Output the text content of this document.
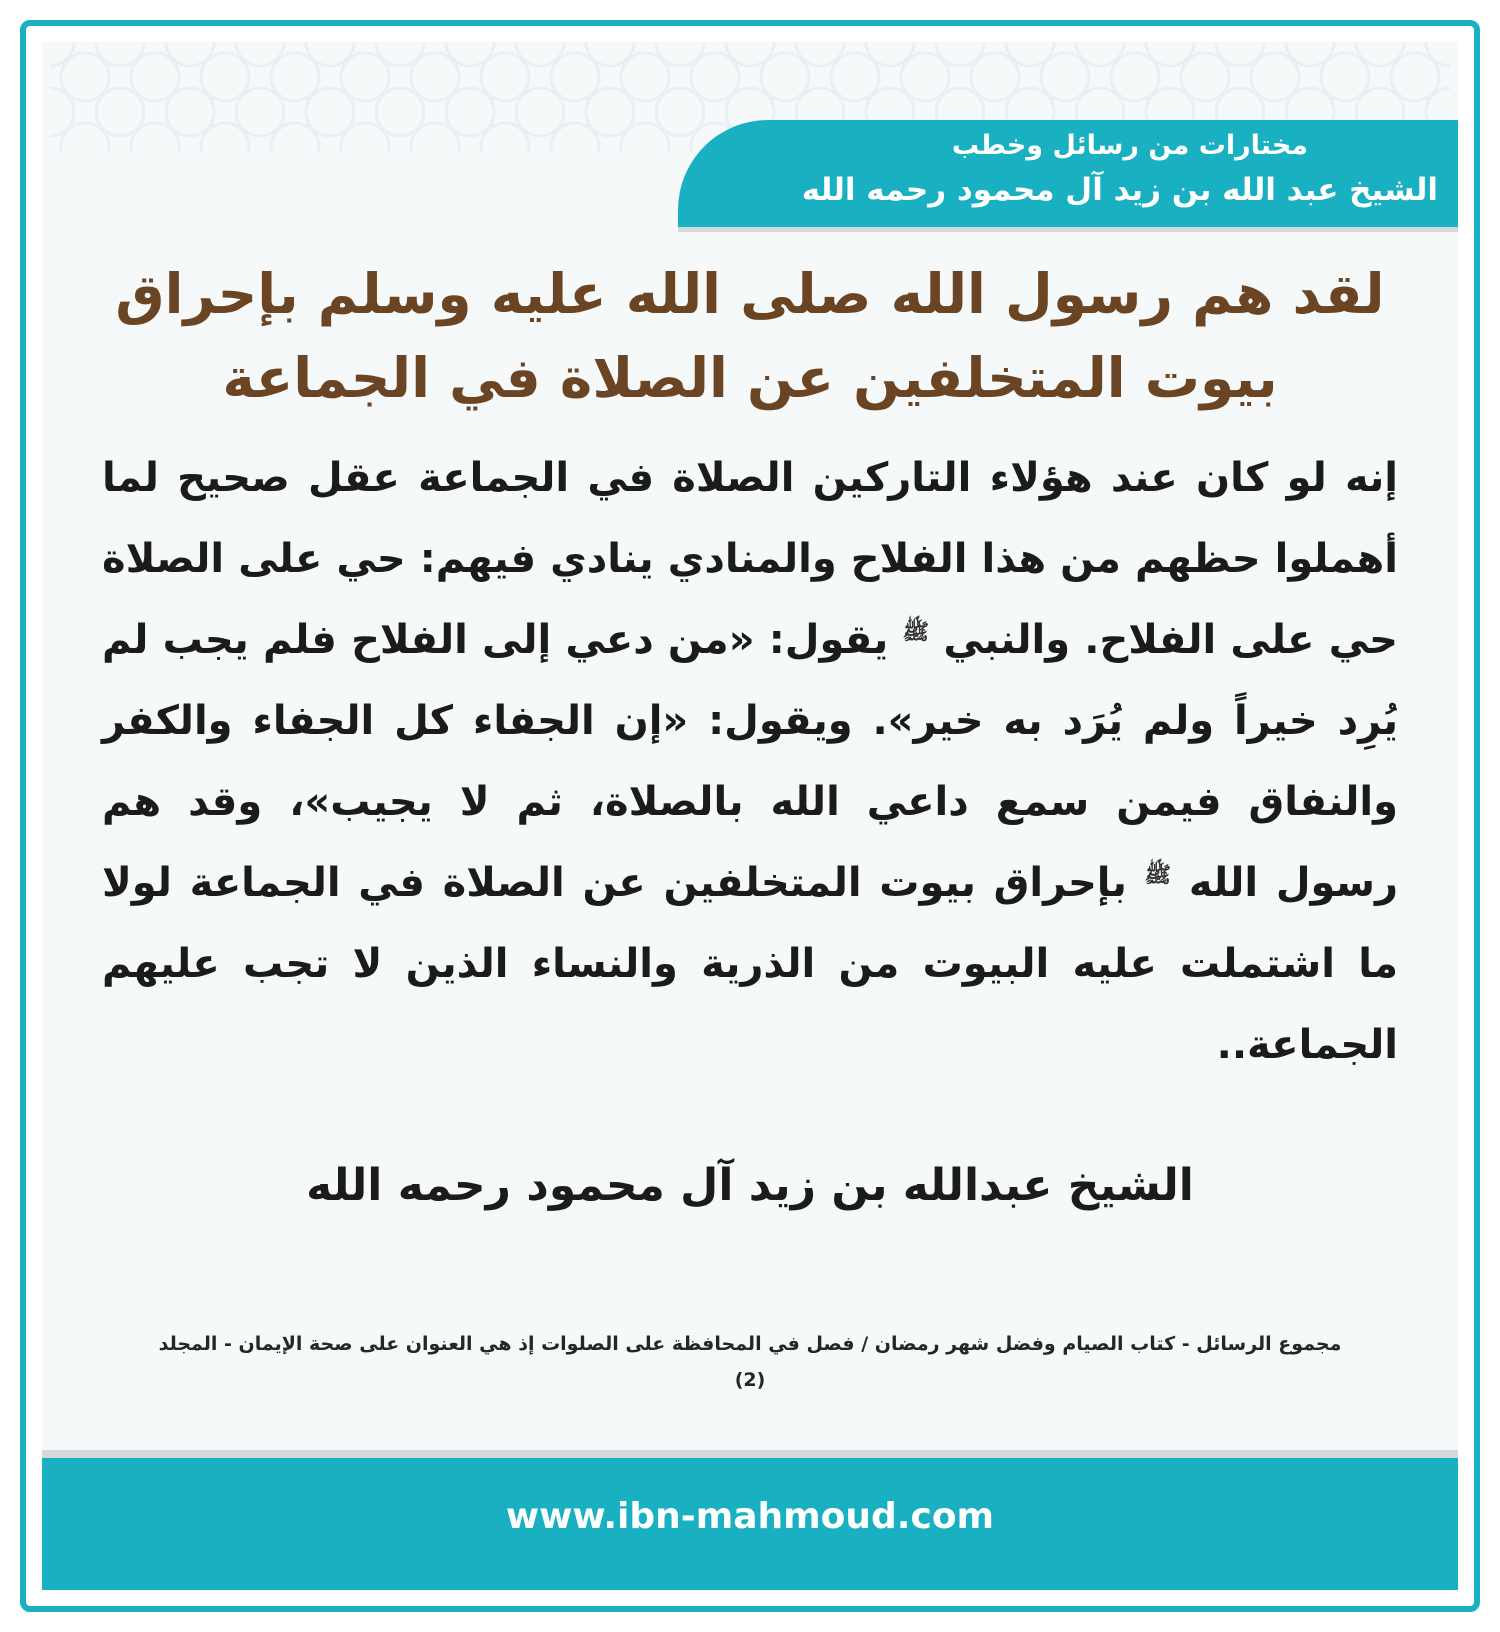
مختارات من رسائل وخطب
الشيخ عبد الله بن زيد آل محمود رحمه الله
لقد هم رسول الله صلى الله عليه وسلم بإحراق
بيوت المتخلفين عن الصلاة في الجماعة

إنه لو كان عند هؤلاء التاركين الصلاة في الجماعة عقل صحيح لما أهملوا حظهم من هذا الفلاح والمنادي ينادي فيهم: حي على الصلاة حي على الفلاح. والنبي ﷺ يقول: «من دعي إلى الفلاح فلم يجب لم يُرِد خيراً ولم يُرَد به خير». ويقول: «إن الجفاء كل الجفاء والكفر والنفاق فيمن سمع داعي الله بالصلاة، ثم لا يجيب»، وقد هم رسول الله ﷺ بإحراق بيوت المتخلفين عن الصلاة في الجماعة لولا ما اشتملت عليه البيوت من الذرية والنساء الذين لا تجب عليهم الجماعة..

الشيخ عبدالله بن زيد آل محمود رحمه الله
مجموع الرسائل - كتاب الصيام وفضل شهر رمضان / فصل في المحافظة على الصلوات إذ هي العنوان على صحة الإيمان - المجلد
(2)
www.ibn-mahmoud.com
